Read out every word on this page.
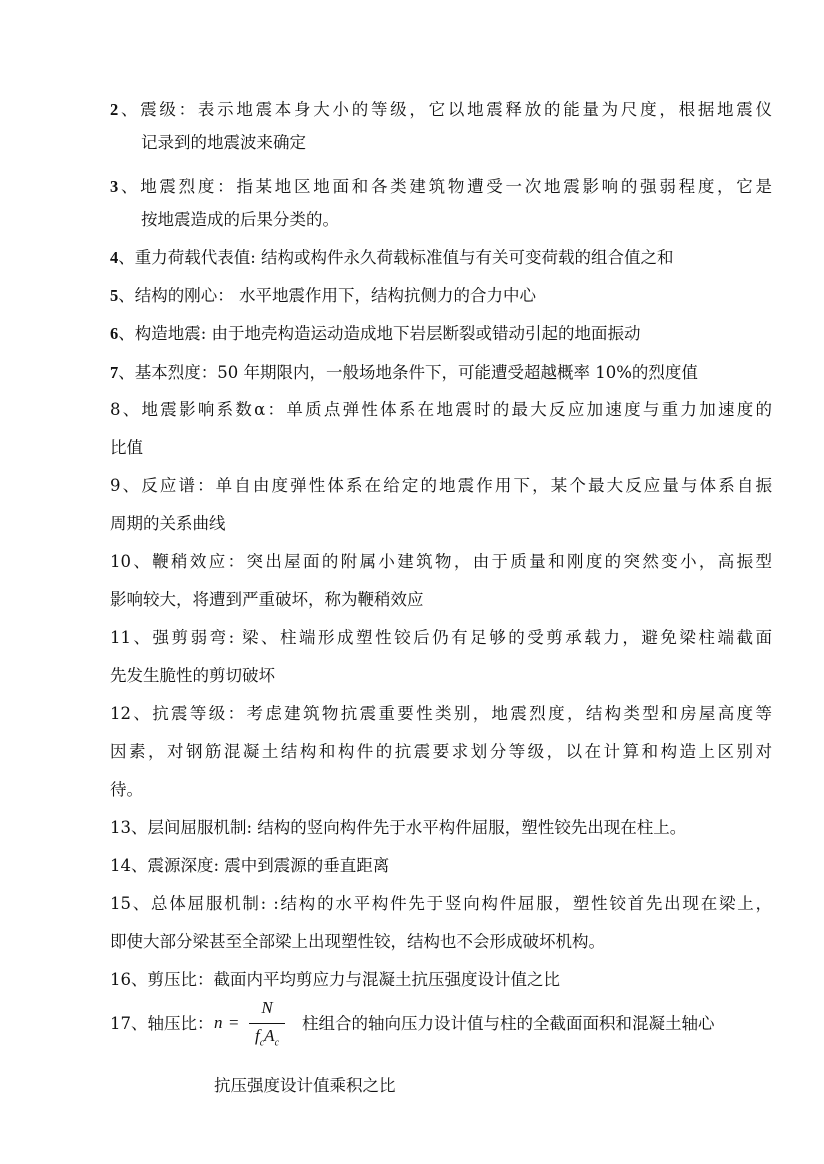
2、震级：表示地震本身大小的等级，它以地震释放的能量为尺度，根据地震仪
记录到的地震波来确定
3、地震烈度：指某地区地面和各类建筑物遭受一次地震影响的强弱程度，它是
按地震造成的后果分类的。
4、重力荷载代表值: 结构或构件永久荷载标准值与有关可变荷载的组合值之和
5、结构的刚心： 水平地震作用下，结构抗侧力的合力中心
6、构造地震: 由于地壳构造运动造成地下岩层断裂或错动引起的地面振动
7、基本烈度：50 年期限内，一般场地条件下，可能遭受超越概率 10%的烈度值
8、地震影响系数α：单质点弹性体系在地震时的最大反应加速度与重力加速度的
比值
9、反应谱：单自由度弹性体系在给定的地震作用下，某个最大反应量与体系自振
周期的关系曲线
10、鞭稍效应：突出屋面的附属小建筑物，由于质量和刚度的突然变小，高振型
影响较大，将遭到严重破坏，称为鞭稍效应
11、强剪弱弯: 梁、柱端形成塑性铰后仍有足够的受剪承载力，避免梁柱端截面
先发生脆性的剪切破坏
12、抗震等级：考虑建筑物抗震重要性类别，地震烈度，结构类型和房屋高度等
因素，对钢筋混凝土结构和构件的抗震要求划分等级，以在计算和构造上区别对
待。
13、层间屈服机制: 结构的竖向构件先于水平构件屈服，塑性铰先出现在柱上。
14、震源深度: 震中到震源的垂直距离
15、总体屈服机制: :结构的水平构件先于竖向构件屈服，塑性铰首先出现在梁上，
即使大部分梁甚至全部梁上出现塑性铰，结构也不会形成破坏机构。
16、剪压比：截面内平均剪应力与混凝土抗压强度设计值之比
17、轴压比： n =
N
$f_cA_c$
柱组合的轴向压力设计值与柱的全截面面积和混凝土轴心
抗压强度设计值乘积之比
